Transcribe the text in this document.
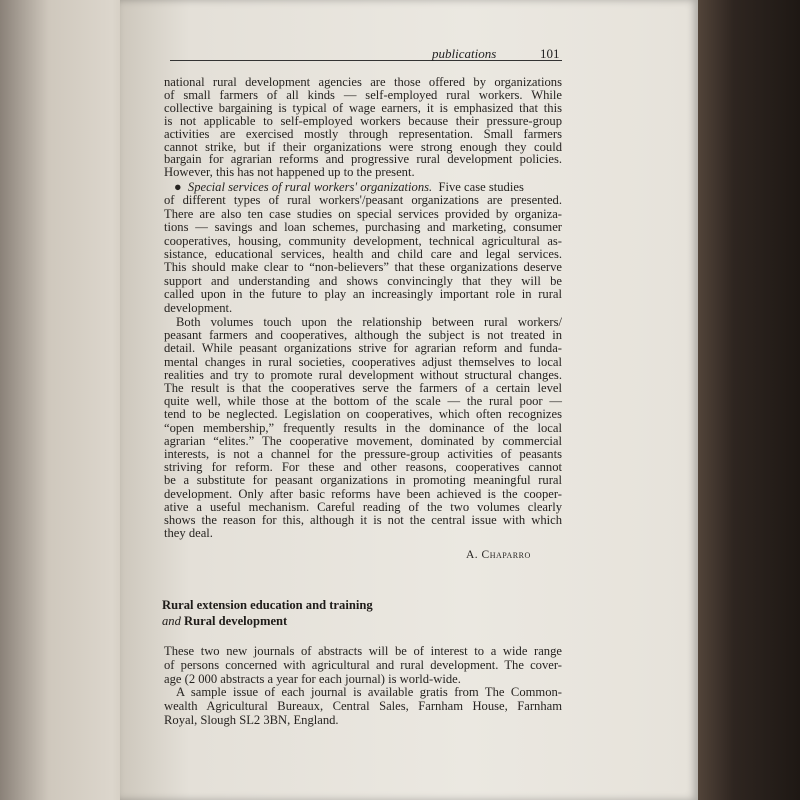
publications	101
national rural development agencies are those offered by organizations
of small farmers of all kinds — self-employed rural workers. While
collective bargaining is typical of wage earners, it is emphasized that this
is not applicable to self-employed workers because their pressure-group
activities are exercised mostly through representation. Small farmers
cannot strike, but if their organizations were strong enough they could
bargain for agrarian reforms and progressive rural development policies.
However, this has not happened up to the present.
● Special services of rural workers' organizations. Five case studies
of different types of rural workers'/peasant organizations are presented.
There are also ten case studies on special services provided by organiza-
tions — savings and loan schemes, purchasing and marketing, consumer
cooperatives, housing, community development, technical agricultural as-
sistance, educational services, health and child care and legal services.
This should make clear to “non-believers” that these organizations deserve
support and understanding and shows convincingly that they will be
called upon in the future to play an increasingly important role in rural
development.
Both volumes touch upon the relationship between rural workers/
peasant farmers and cooperatives, although the subject is not treated in
detail. While peasant organizations strive for agrarian reform and funda-
mental changes in rural societies, cooperatives adjust themselves to local
realities and try to promote rural development without structural changes.
The result is that the cooperatives serve the farmers of a certain level
quite well, while those at the bottom of the scale — the rural poor —
tend to be neglected. Legislation on cooperatives, which often recognizes
“open membership,” frequently results in the dominance of the local
agrarian “elites.” The cooperative movement, dominated by commercial
interests, is not a channel for the pressure-group activities of peasants
striving for reform. For these and other reasons, cooperatives cannot
be a substitute for peasant organizations in promoting meaningful rural
development. Only after basic reforms have been achieved is the cooper-
ative a useful mechanism. Careful reading of the two volumes clearly
shows the reason for this, although it is not the central issue with which
they deal.
These two new journals of abstracts will be of interest to a wide range
of persons concerned with agricultural and rural development. The cover-
age (2 000 abstracts a year for each journal) is world-wide.
A sample issue of each journal is available gratis from The Common-
wealth Agricultural Bureaux, Central Sales, Farnham House, Farnham
Royal, Slough SL2 3BN, England.
A. Chaparro
Rural extension education and training
and Rural development
